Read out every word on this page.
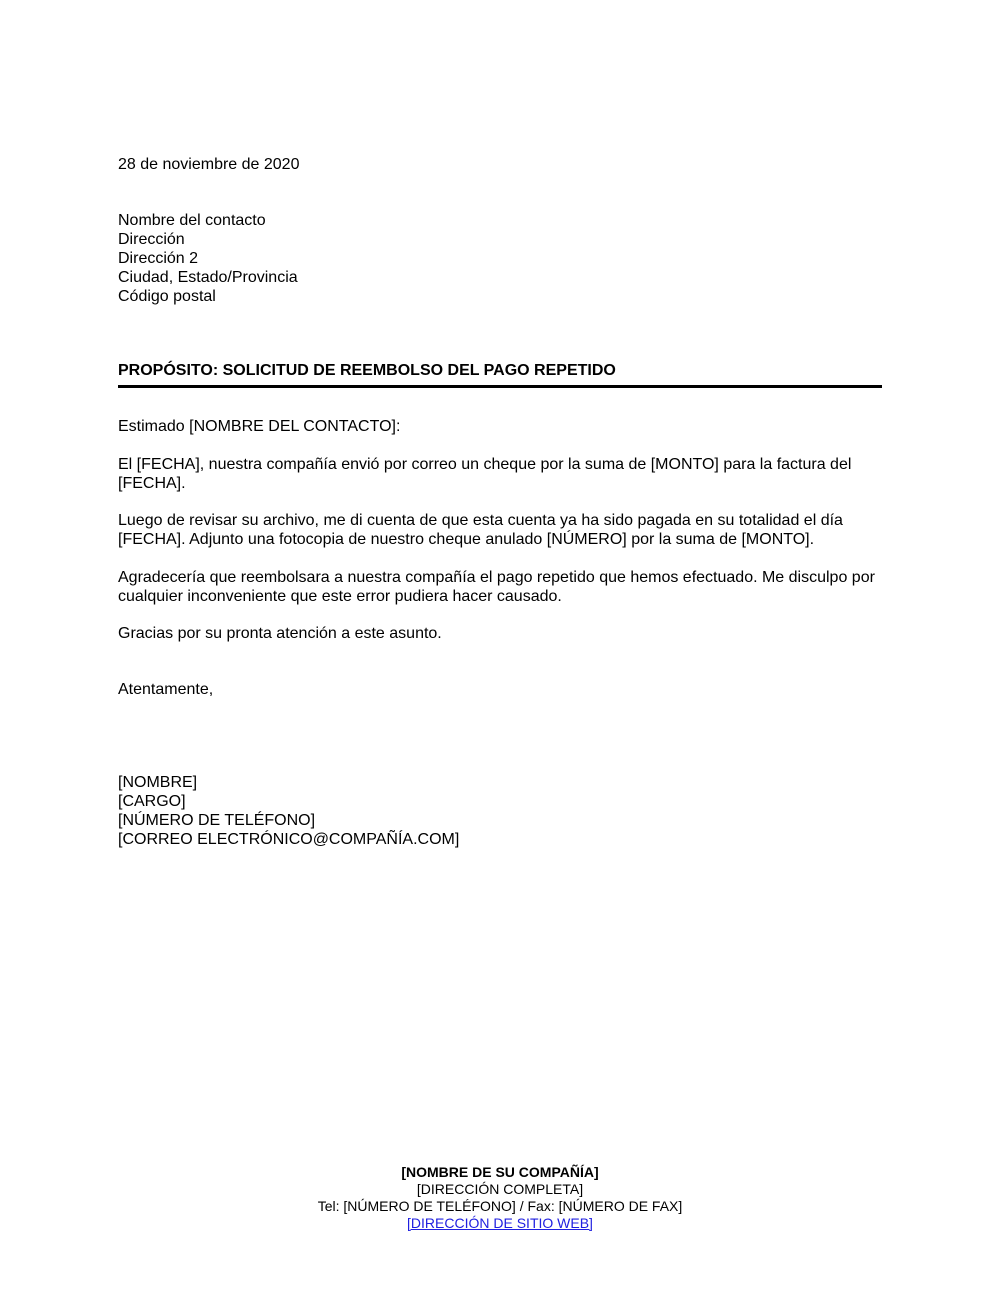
28 de noviembre de 2020
Nombre del contacto
Dirección
Dirección 2
Ciudad, Estado/Provincia
Código postal
PROPÓSITO: SOLICITUD DE REEMBOLSO DEL PAGO REPETIDO
Estimado [NOMBRE DEL CONTACTO]:
El [FECHA], nuestra compañía envió por correo un cheque por la suma de [MONTO] para la factura del [FECHA].
Luego de revisar su archivo, me di cuenta de que esta cuenta ya ha sido pagada en su totalidad el día [FECHA]. Adjunto una fotocopia de nuestro cheque anulado [NÚMERO] por la suma de [MONTO].
Agradecería que reembolsara a nuestra compañía el pago repetido que hemos efectuado. Me disculpo por cualquier inconveniente que este error pudiera hacer causado.
Gracias por su pronta atención a este asunto.
Atentamente,
[NOMBRE]
[CARGO]
[NÚMERO DE TELÉFONO]
[CORREO ELECTRÓNICO@COMPAÑÍA.COM]
[NOMBRE DE SU COMPAÑÍA]
[DIRECCIÓN COMPLETA]
Tel: [NÚMERO DE TELÉFONO] / Fax: [NÚMERO DE FAX]
[DIRECCIÓN DE SITIO WEB]
